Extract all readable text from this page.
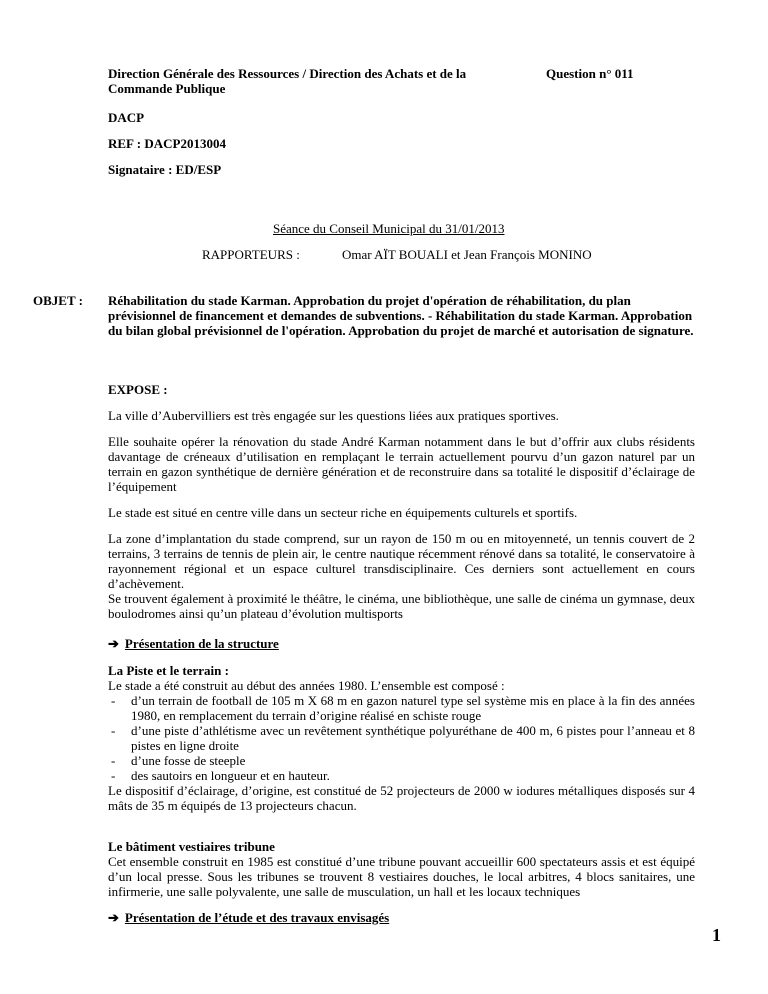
Direction Générale des Ressources / Direction des Achats et de la Commande Publique
Question n° 011
DACP
REF : DACP2013004
Signataire : ED/ESP
Séance du Conseil Municipal du 31/01/2013
RAPPORTEURS :	Omar AÏT BOUALI et Jean François MONINO
OBJET : Réhabilitation du stade Karman. Approbation du projet d'opération de réhabilitation, du plan prévisionnel de financement et demandes de subventions. - Réhabilitation du stade Karman. Approbation du bilan global prévisionnel de l'opération. Approbation du projet de marché et autorisation de signature.

EXPOSE :

La ville d’Aubervilliers est très engagée sur les questions liées aux pratiques sportives.

Elle souhaite opérer la rénovation du stade André Karman notamment dans le but d’offrir aux clubs résidents davantage de créneaux d’utilisation en remplaçant le terrain actuellement pourvu d’un gazon naturel par un terrain en gazon synthétique de dernière génération et de reconstruire dans sa totalité le dispositif d’éclairage de l’équipement

Le stade est situé en centre ville dans un secteur riche en équipements culturels et sportifs.

La zone d’implantation du stade comprend, sur un rayon de 150 m ou en mitoyenneté, un tennis couvert de 2 terrains, 3 terrains de tennis de plein air, le centre nautique récemment rénové dans sa totalité, le conservatoire à rayonnement régional et un espace culturel transdisciplinaire. Ces derniers sont actuellement en cours d’achèvement.

Se trouvent également à proximité le théâtre, le cinéma, une bibliothèque, une salle de cinéma un gymnase, deux boulodromes ainsi qu’un plateau d’évolution multisports

➔ Présentation de la structure

La Piste et le terrain :

Le stade a été construit au début des années 1980. L’ensemble est composé :

- d’un terrain de football de 105 m X 68 m en gazon naturel type sel système mis en place à la fin des années 1980, en remplacement du terrain d’origine réalisé en schiste rouge
- d’une piste d’athlétisme avec un revêtement synthétique polyuréthane de 400 m, 6 pistes pour l’anneau et 8 pistes en ligne droite
- d’une fosse de steeple
- des sautoirs en longueur et en hauteur.

Le dispositif d’éclairage, d’origine, est constitué de 52 projecteurs de 2000 w iodures métalliques disposés sur 4 mâts de 35 m équipés de 13 projecteurs chacun.

Le bâtiment vestiaires tribune

Cet ensemble construit en 1985 est constitué d’une tribune pouvant accueillir 600 spectateurs assis et est équipé d’un local presse. Sous les tribunes se trouvent 8 vestiaires douches, le local arbitres, 4 blocs sanitaires, une infirmerie, une salle polyvalente, une salle de musculation, un hall et les locaux techniques

➔ Présentation de l’étude et des travaux envisagés

1
